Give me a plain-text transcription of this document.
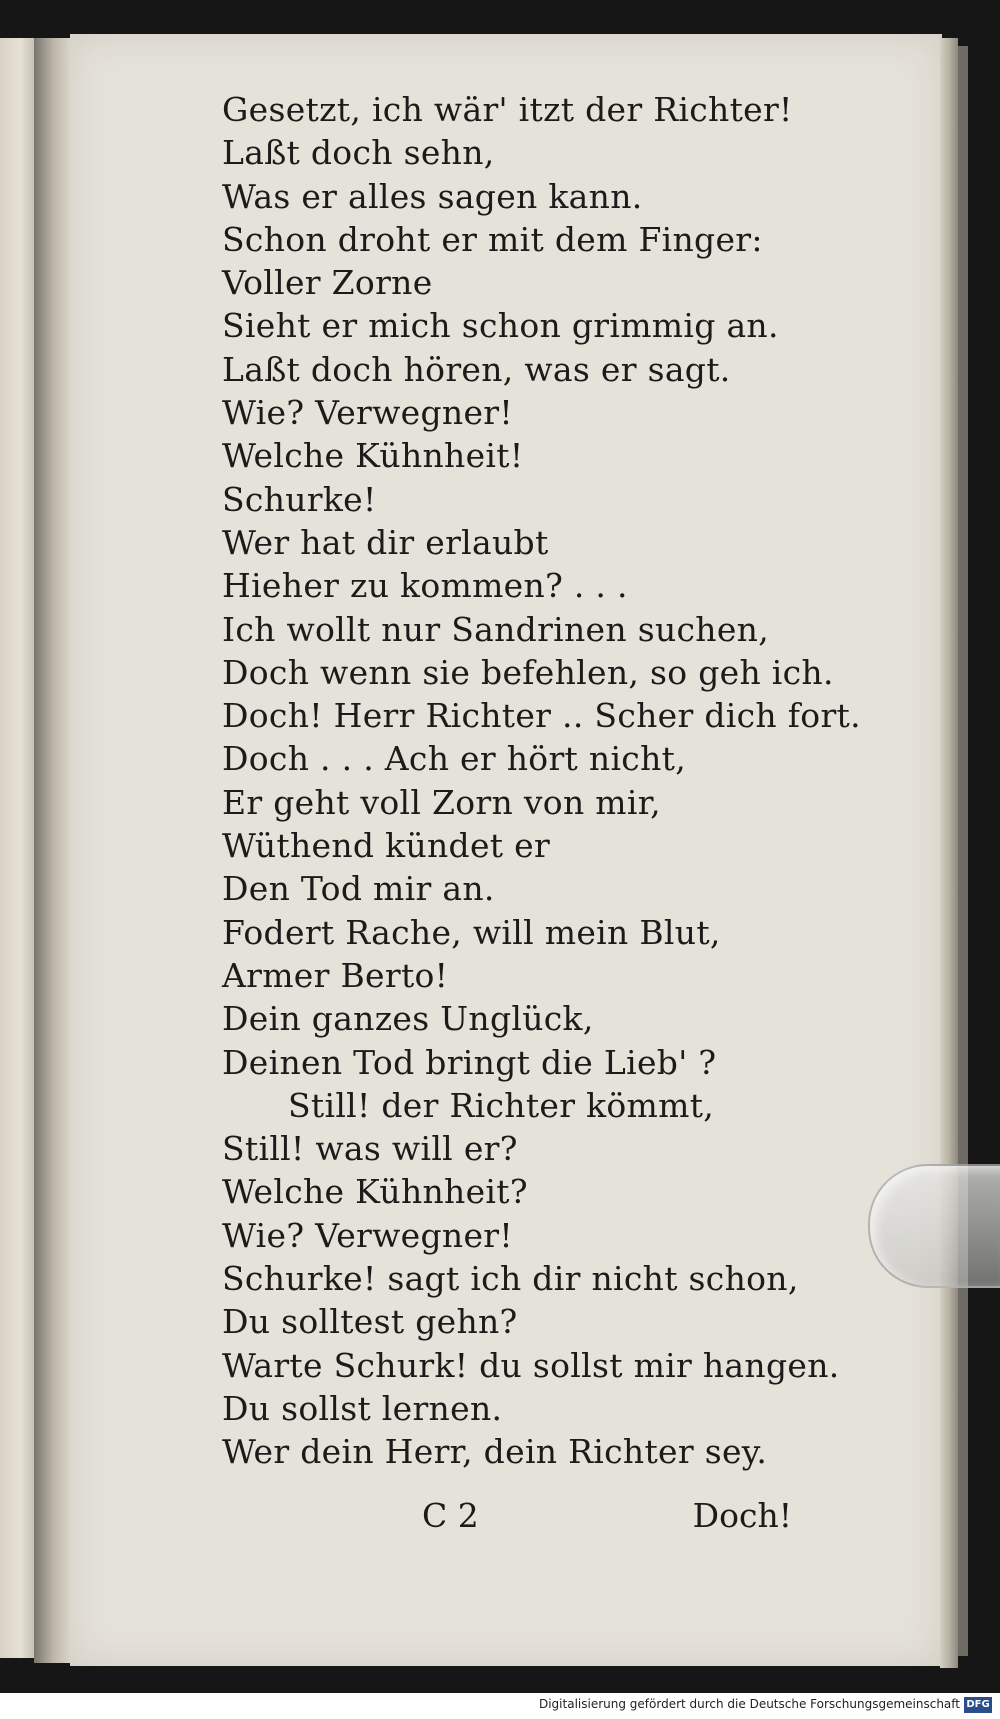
Gesetzt, ich wär' itzt der Richter!
Laßt doch sehn,
Was er alles sagen kann.
Schon droht er mit dem Finger:
Voller Zorne
Sieht er mich schon grimmig an.
Laßt doch hören, was er sagt.
Wie? Verwegner!
Welche Kühnheit!
Schurke!
Wer hat dir erlaubt
Hieher zu kommen? . . .
Ich wollt nur Sandrinen suchen,
Doch wenn sie befehlen, so geh ich.
Doch! Herr Richter .. Scher dich fort.
Doch . . . Ach er hört nicht,
Er geht voll Zorn von mir,
Wüthend kündet er
Den Tod mir an.
Fodert Rache, will mein Blut,
Armer Berto!
Dein ganzes Unglück,
Deinen Tod bringt die Lieb' ?
Still! der Richter kömmt,
Still! was will er?
Welche Kühnheit?
Wie? Verwegner!
Schurke! sagt ich dir nicht schon,
Du solltest gehn?
Warte Schurk! du sollst mir hangen.
Du sollst lernen.
Wer dein Herr, dein Richter sey.
C 2	Doch!
Digitalisierung gefördert durch die Deutsche Forschungsgemeinschaft DFG
